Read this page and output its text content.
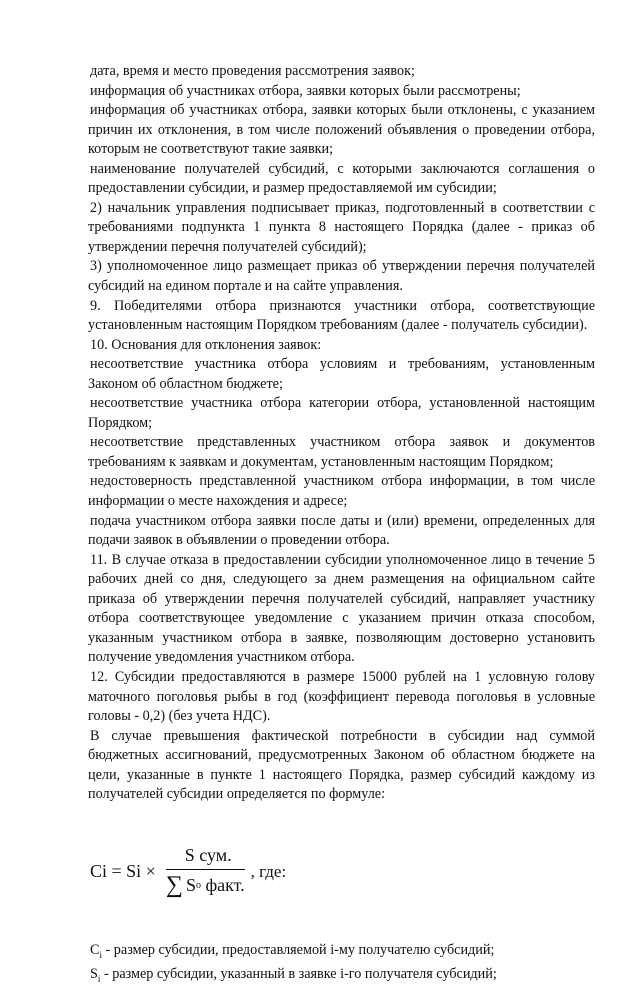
дата, время и место проведения рассмотрения заявок;

информация об участниках отбора, заявки которых были рассмотрены;

информация об участниках отбора, заявки которых были отклонены, с указанием причин их отклонения, в том числе положений объявления о проведении отбора, которым не соответствуют такие заявки;

наименование получателей субсидий, с которыми заключаются соглашения о предоставлении субсидии, и размер предоставляемой им субсидии;

2) начальник управления подписывает приказ, подготовленный в соответствии с требованиями подпункта 1 пункта 8 настоящего Порядка (далее - приказ об утверждении перечня получателей субсидий);

3) уполномоченное лицо размещает приказ об утверждении перечня получателей субсидий на едином портале и на сайте управления.

9. Победителями отбора признаются участники отбора, соответствующие установленным настоящим Порядком требованиям (далее - получатель субсидии).

10. Основания для отклонения заявок:

несоответствие участника отбора условиям и требованиям, установленным Законом об областном бюджете;

несоответствие участника отбора категории отбора, установленной настоящим Порядком;

несоответствие представленных участником отбора заявок и документов требованиям к заявкам и документам, установленным настоящим Порядком;

недостоверность представленной участником отбора информации, в том числе информации о месте нахождения и адресе;

подача участником отбора заявки после даты и (или) времени, определенных для подачи заявок в объявлении о проведении отбора.

11. В случае отказа в предоставлении субсидии уполномоченное лицо в течение 5 рабочих дней со дня, следующего за днем размещения на официальном сайте приказа об утверждении перечня получателей субсидий, направляет участнику отбора соответствующее уведомление с указанием причин отказа способом, указанным участником отбора в заявке, позволяющим достоверно установить получение уведомления участником отбора.

12. Субсидии предоставляются в размере 15000 рублей на 1 условную голову маточного поголовья рыбы в год (коэффициент перевода поголовья в условные головы - 0,2) (без учета НДС).

В случае превышения фактической потребности в субсидии над суммой бюджетных ассигнований, предусмотренных Законом об областном бюджете на цели, указанные в пункте 1 настоящего Порядка, размер субсидий каждому из получателей субсидии определяется по формуле:

Ci = Si × S сум.
∑ S o
факт. , где:

$C_i$ - размер субсидии, предоставляемой i-му получателю субсидий;

$S_i$ - размер субсидии, указанный в заявке i-го получателя субсидий;
